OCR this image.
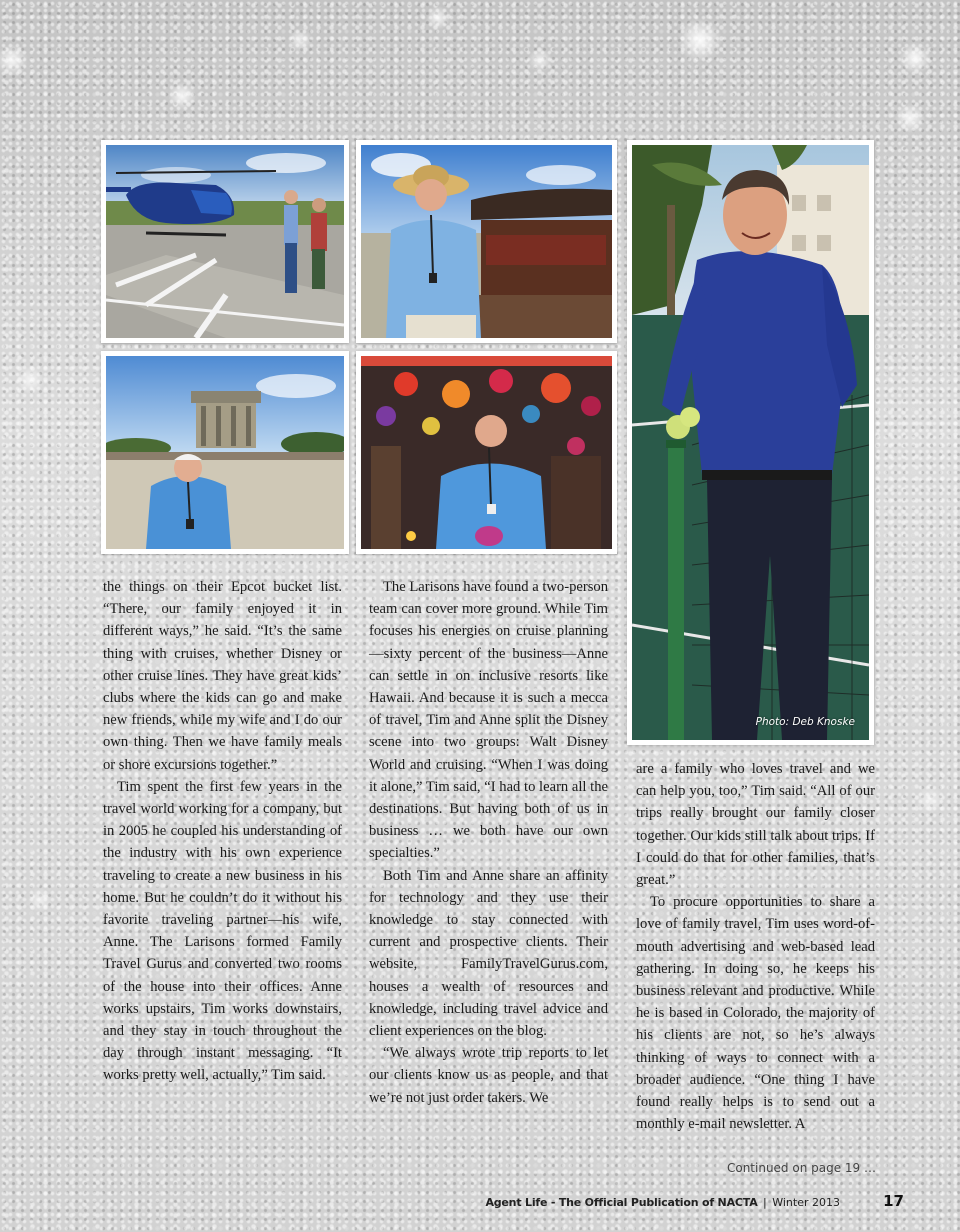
Photo: Deb Knoske

the things on their Epcot bucket list. “There, our family enjoyed it in different ways,” he said. “It’s the same thing with cruises, whether Disney or other cruise lines. They have great kids’ clubs where the kids can go and make new friends, while my wife and I do our own thing. Then we have family meals or shore excursions together.”

Tim spent the first few years in the travel world working for a company, but in 2005 he coupled his understanding of the industry with his own experience traveling to create a new business in his home. But he couldn’t do it without his favorite traveling partner—his wife, Anne. The Larisons formed Family Travel Gurus and converted two rooms of the house into their offices. Anne works upstairs, Tim works downstairs, and they stay in touch throughout the day through instant messaging. “It works pretty well, actually,” Tim said.

The Larisons have found a two-person team can cover more ground. While Tim focuses his energies on cruise planning—sixty percent of the business—Anne can settle in on inclusive resorts like Hawaii. And because it is such a mecca of travel, Tim and Anne split the Disney scene into two groups: Walt Disney World and cruising. “When I was doing it alone,” Tim said, “I had to learn all the destinations. But having both of us in business … we both have our own specialties.”

Both Tim and Anne share an affinity for technology and they use their knowledge to stay connected with current and prospective clients. Their website, FamilyTravelGurus.com, houses a wealth of resources and knowledge, including travel advice and client experiences on the blog.

“We always wrote trip reports to let our clients know us as people, and that we’re not just order takers. We

are a family who loves travel and we can help you, too,” Tim said. “All of our trips really brought our family closer together. Our kids still talk about trips. If I could do that for other families, that’s great.”

To procure opportunities to share a love of family travel, Tim uses word-of-mouth advertising and web-based lead gathering. In doing so, he keeps his business relevant and productive. While he is based in Colorado, the majority of his clients are not, so he’s always thinking of ways to connect with a broader audience. “One thing I have found really helps is to send out a monthly e-mail newsletter. A

Continued on page 19 …
Agent Life - The Official Publication of NACTA | Winter 2013	17
